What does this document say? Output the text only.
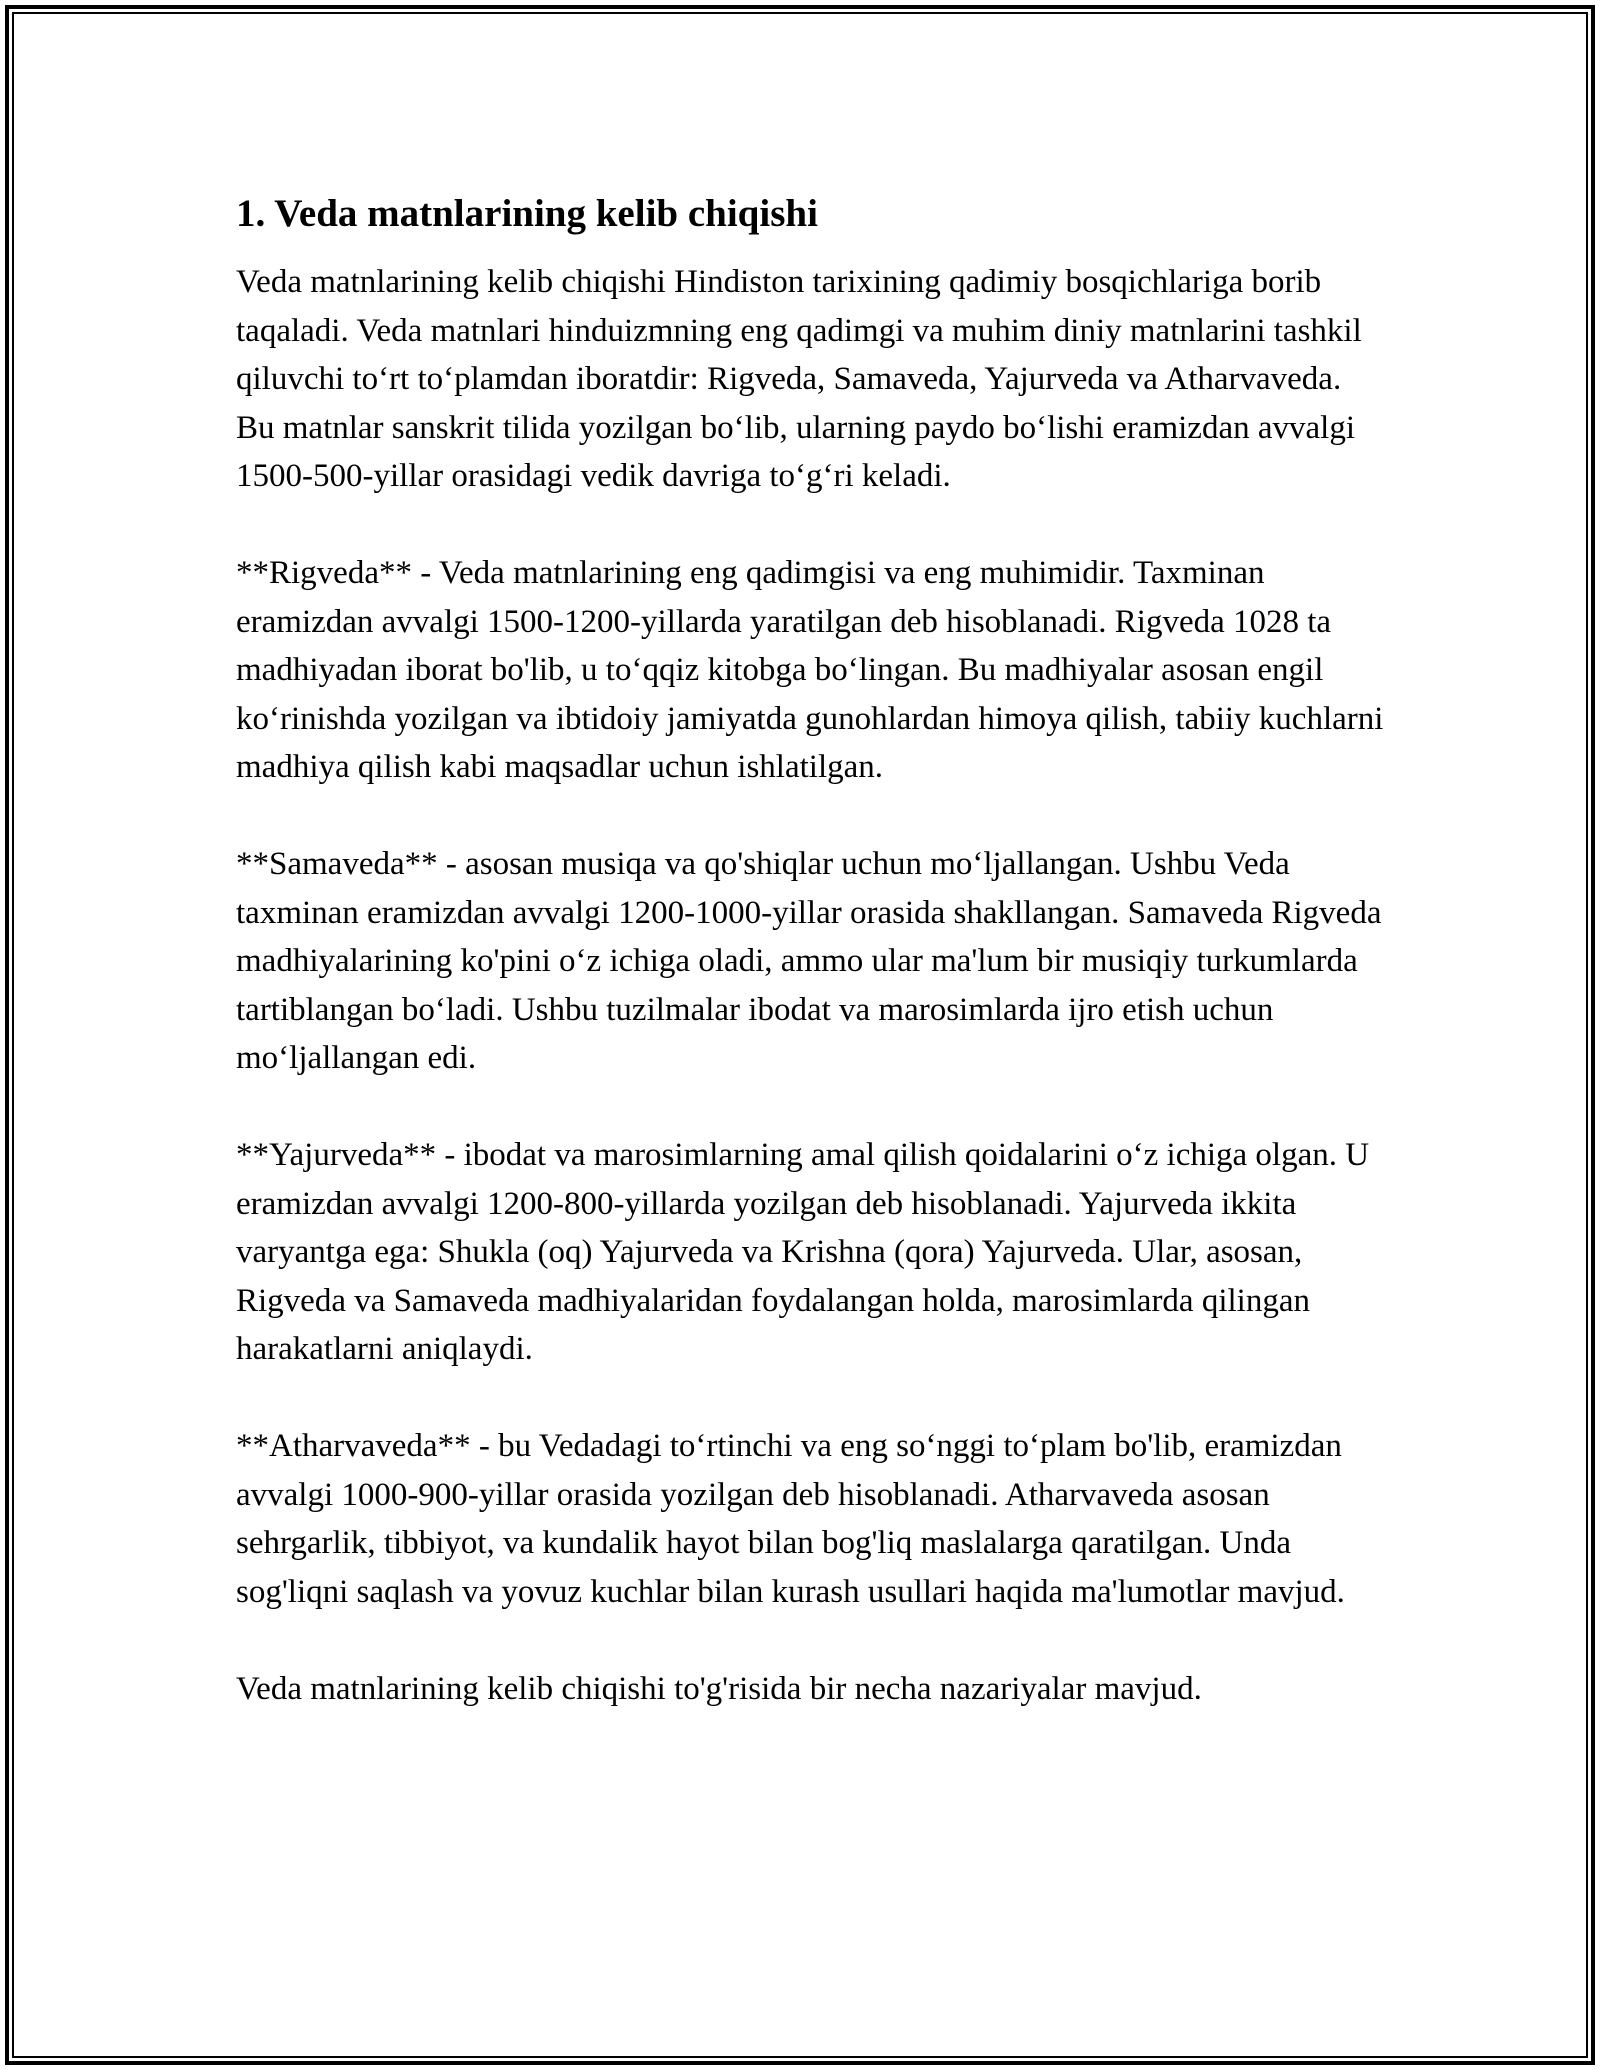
1. Veda matnlarining kelib chiqishi

Veda matnlarining kelib chiqishi Hindiston tarixining qadimiy bosqichlariga borib taqaladi. Veda matnlari hinduizmning eng qadimgi va muhim diniy matnlarini tashkil qiluvchi to‘rt to‘plamdan iboratdir: Rigveda, Samaveda, Yajurveda va Atharvaveda. Bu matnlar sanskrit tilida yozilgan bo‘lib, ularning paydo bo‘lishi eramizdan avvalgi 1500-500-yillar orasidagi vedik davriga to‘g‘ri keladi.

**Rigveda** - Veda matnlarining eng qadimgisi va eng muhimidir. Taxminan eramizdan avvalgi 1500-1200-yillarda yaratilgan deb hisoblanadi. Rigveda 1028 ta madhiyadan iborat bo'lib, u to‘qqiz kitobga bo‘lingan. Bu madhiyalar asosan engil ko‘rinishda yozilgan va ibtidoiy jamiyatda gunohlardan himoya qilish, tabiiy kuchlarni madhiya qilish kabi maqsadlar uchun ishlatilgan.

**Samaveda** - asosan musiqa va qo'shiqlar uchun mo‘ljallangan. Ushbu Veda taxminan eramizdan avvalgi 1200-1000-yillar orasida shakllangan. Samaveda Rigveda madhiyalarining ko'pini o‘z ichiga oladi, ammo ular ma'lum bir musiqiy turkumlarda tartiblangan bo‘ladi. Ushbu tuzilmalar ibodat va marosimlarda ijro etish uchun mo‘ljallangan edi.

**Yajurveda** - ibodat va marosimlarning amal qilish qoidalarini o‘z ichiga olgan. U eramizdan avvalgi 1200-800-yillarda yozilgan deb hisoblanadi. Yajurveda ikkita varyantga ega: Shukla (oq) Yajurveda va Krishna (qora) Yajurveda. Ular, asosan, Rigveda va Samaveda madhiyalaridan foydalangan holda, marosimlarda qilingan harakatlarni aniqlaydi.

**Atharvaveda** - bu Vedadagi to‘rtinchi va eng so‘nggi to‘plam bo'lib, eramizdan avvalgi 1000-900-yillar orasida yozilgan deb hisoblanadi. Atharvaveda asosan sehrgarlik, tibbiyot, va kundalik hayot bilan bog'liq maslalarga qaratilgan. Unda sog'liqni saqlash va yovuz kuchlar bilan kurash usullari haqida ma'lumotlar mavjud.

Veda matnlarining kelib chiqishi to'g'risida bir necha nazariyalar mavjud.
